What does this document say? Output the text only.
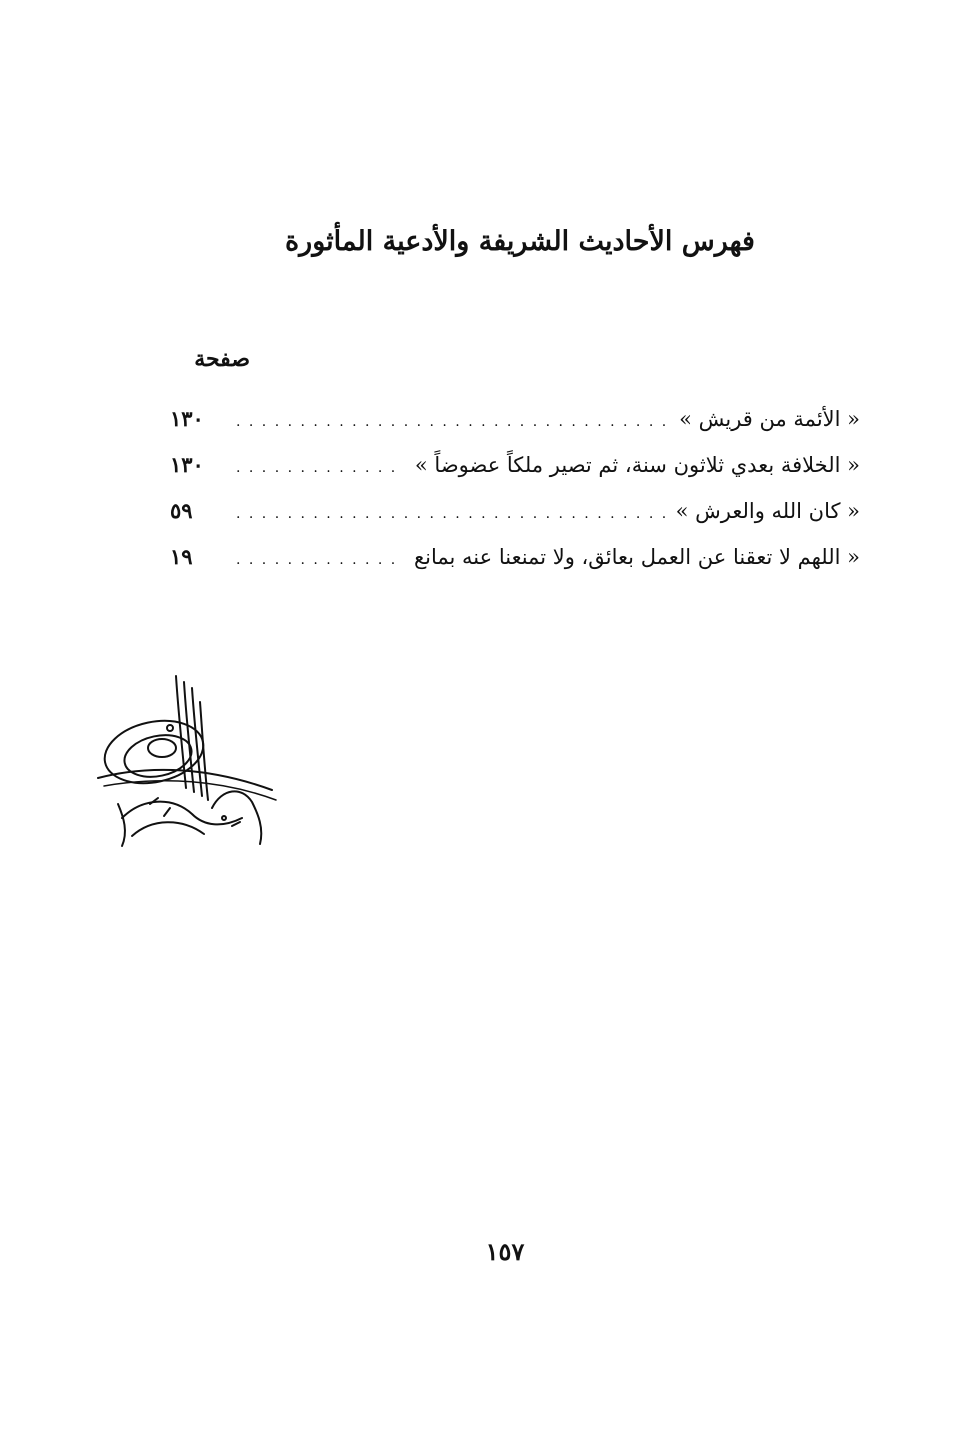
فهرس الأحاديث الشريفة والأدعية المأثورة
صفحة
« الأئمة من قريش »
. . .
١٣٠
« الخلافة بعدي ثلاثون سنة، ثم تصير ملكاً عضوضاً »
. . .
١٣٠
« كان الله والعرش »
. . .
٥٩
« اللهم لا تعقنا عن العمل بعائق، ولا تمنعنا عنه بمانع
. . .
١٩
١٥٧
